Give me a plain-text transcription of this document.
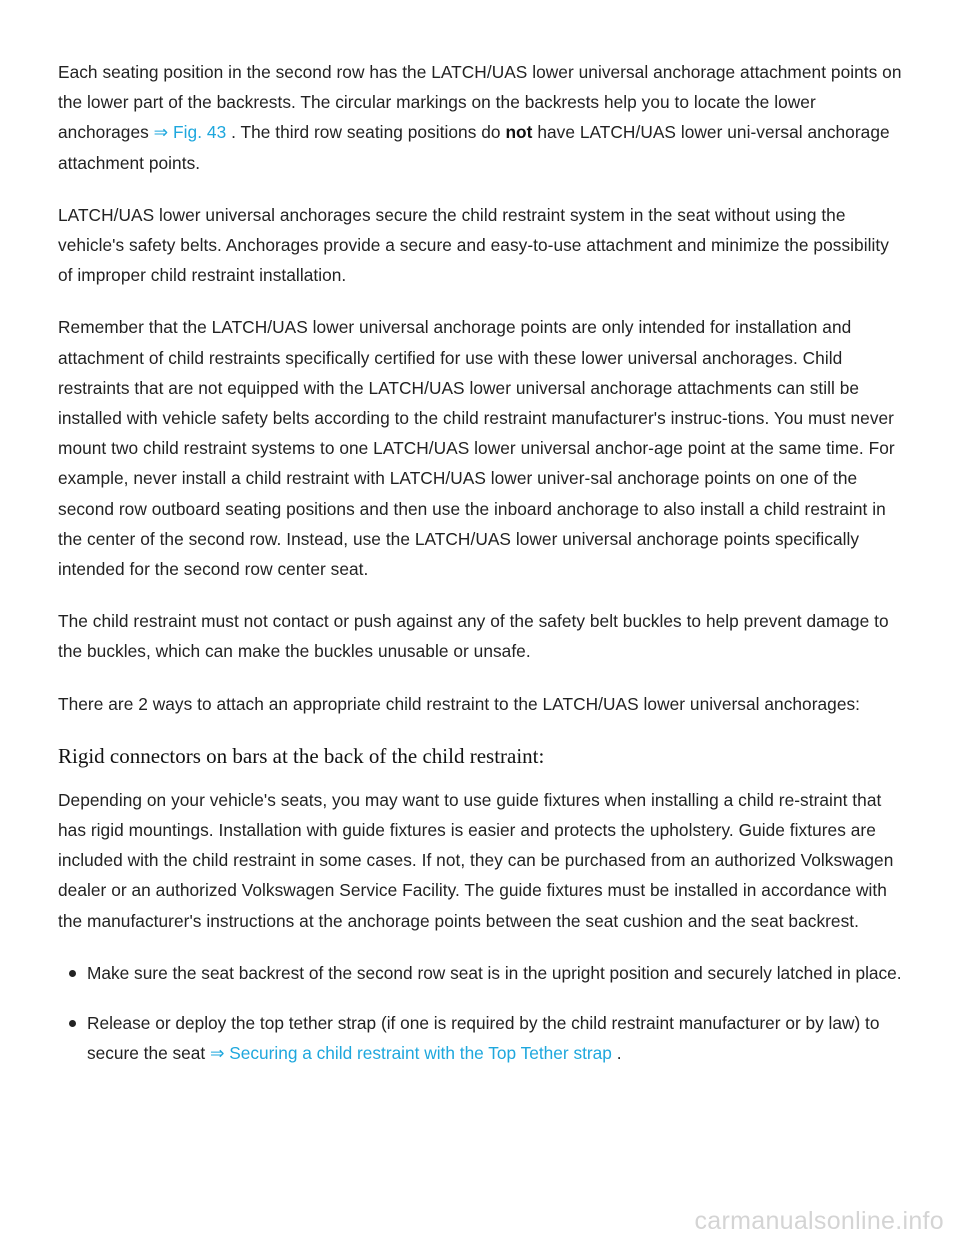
Each seating position in the second row has the LATCH/UAS lower universal anchorage attachment points on the lower part of the backrests. The circular markings on the backrests help you to locate the lower anchorages ⇒ Fig. 43 . The third row seating positions do not have LATCH/UAS lower uni-versal anchorage attachment points.

LATCH/UAS lower universal anchorages secure the child restraint system in the seat without using the vehicle's safety belts. Anchorages provide a secure and easy-to-use attachment and minimize the possibility of improper child restraint installation.

Remember that the LATCH/UAS lower universal anchorage points are only intended for installation and attachment of child restraints specifically certified for use with these lower universal anchorages. Child restraints that are not equipped with the LATCH/UAS lower universal anchorage attachments can still be installed with vehicle safety belts according to the child restraint manufacturer's instruc-tions. You must never mount two child restraint systems to one LATCH/UAS lower universal anchor-age point at the same time. For example, never install a child restraint with LATCH/UAS lower univer-sal anchorage points on one of the second row outboard seating positions and then use the inboard anchorage to also install a child restraint in the center of the second row. Instead, use the LATCH/UAS lower universal anchorage points specifically intended for the second row center seat.

The child restraint must not contact or push against any of the safety belt buckles to help prevent damage to the buckles, which can make the buckles unusable or unsafe.

There are 2 ways to attach an appropriate child restraint to the LATCH/UAS lower universal anchorages:

Rigid connectors on bars at the back of the child restraint:

Depending on your vehicle's seats, you may want to use guide fixtures when installing a child re-straint that has rigid mountings. Installation with guide fixtures is easier and protects the upholstery. Guide fixtures are included with the child restraint in some cases. If not, they can be purchased from an authorized Volkswagen dealer or an authorized Volkswagen Service Facility. The guide fixtures must be installed in accordance with the manufacturer's instructions at the anchorage points between the seat cushion and the seat backrest.

Make sure the seat backrest of the second row seat is in the upright position and securely latched in place.
Release or deploy the top tether strap (if one is required by the child restraint manufacturer or by law) to secure the seat ⇒ Securing a child restraint with the Top Tether strap .
carmanualsonline.info
